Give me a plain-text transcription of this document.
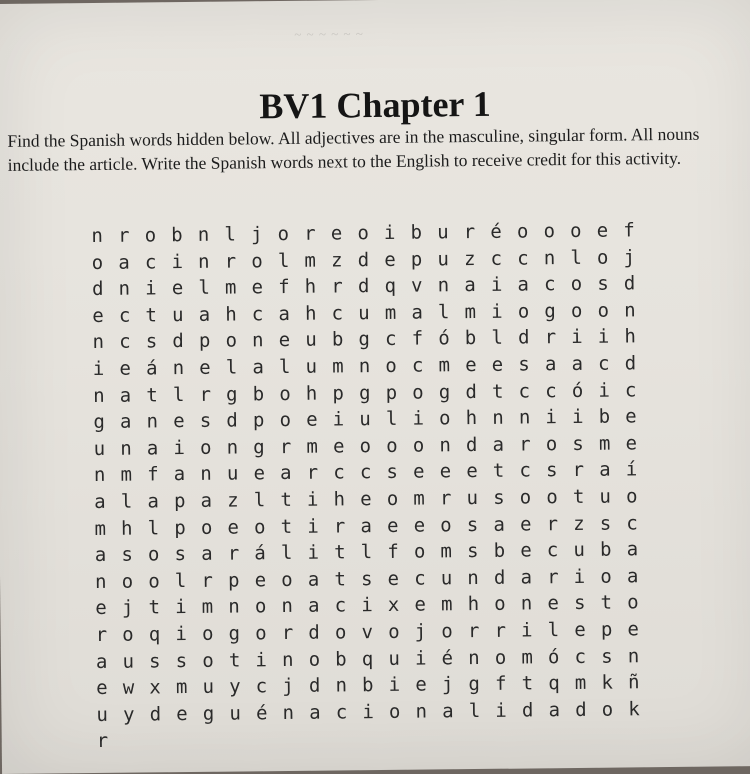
~ ~ ~ ~ ~ ~
BV1 Chapter 1

Find the Spanish words hidden below. All adjectives are in the masculine, singular form. All nouns include the article. Write the Spanish words next to the English to receive credit for this activity.

n r o b n l j o r e o i b u r é o o o e f
o a c i n r o l m z d e p u z c c n l o j
d n i e l m e f h r d q v n a i a c o s d
e c t u a h c a h c u m a l m i o g o o n
n c s d p o n e u b g c f ó b l d r i i h
i e á n e l a l u m n o c m e e s a a c d
n a t l r g b o h p g p o g d t c c ó i c
g a n e s d p o e i u l i o h n n i i b e
u n a i o n g r m e o o o n d a r o s m e
n m f a n u e a r c c s e e e t c s r a í
a l a p a z l t i h e o m r u s o o t u o
m h l p o e o t i r a e e o s a e r z s c
a s o s a r á l i t l f o m s b e c u b a
n o o l r p e o a t s e c u n d a r i o a
e j t i m n o n a c i x e m h o n e s t o
r o q i o g o r d o v o j o r r i l e p e
a u s s o t i n o b q u i é n o m ó c s n
e w x m u y c j d n b i e j g f t q m k ñ
u y d e g u é n a c i o n a l i d a d o k
r
